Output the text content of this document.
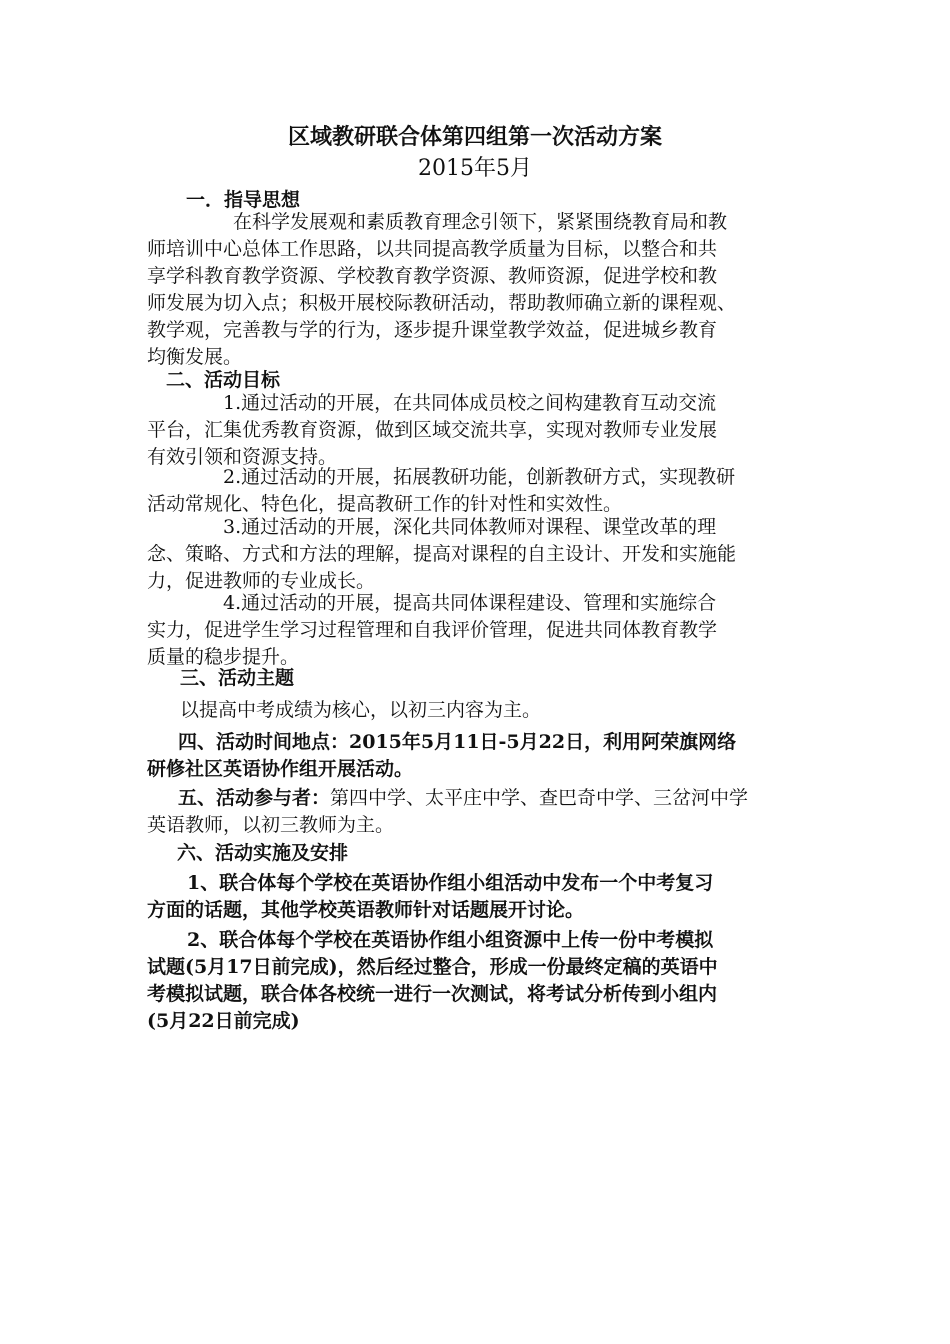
区域教研联合体第四组第一次活动方案
2015年5月
一．指导思想
在科学发展观和素质教育理念引领下，紧紧围绕教育局和教
师培训中心总体工作思路，以共同提高教学质量为目标，以整合和共
享学科教育教学资源、学校教育教学资源、教师资源，促进学校和教
师发展为切入点；积极开展校际教研活动，帮助教师确立新的课程观、
教学观，完善教与学的行为，逐步提升课堂教学效益，促进城乡教育
均衡发展。
二、活动目标
1.通过活动的开展，在共同体成员校之间构建教育互动交流
平台，汇集优秀教育资源，做到区域交流共享，实现对教师专业发展
有效引领和资源支持。
2.通过活动的开展，拓展教研功能，创新教研方式，实现教研
活动常规化、特色化，提高教研工作的针对性和实效性。
3.通过活动的开展，深化共同体教师对课程、课堂改革的理
念、策略、方式和方法的理解，提高对课程的自主设计、开发和实施能
力，促进教师的专业成长。
4.通过活动的开展，提高共同体课程建设、管理和实施综合
实力，促进学生学习过程管理和自我评价管理，促进共同体教育教学
质量的稳步提升。
三、活动主题
以提高中考成绩为核心，以初三内容为主。
四、活动时间地点：2015年5月11日-5月22日，利用阿荣旗网络
研修社区英语协作组开展活动。
五、活动参与者：第四中学、太平庄中学、查巴奇中学、三岔河中学
英语教师，以初三教师为主。
六、活动实施及安排
1、联合体每个学校在英语协作组小组活动中发布一个中考复习
方面的话题，其他学校英语教师针对话题展开讨论。
2、联合体每个学校在英语协作组小组资源中上传一份中考模拟
试题(5月17日前完成)，然后经过整合，形成一份最终定稿的英语中
考模拟试题，联合体各校统一进行一次测试，将考试分析传到小组内
(5月22日前完成)
